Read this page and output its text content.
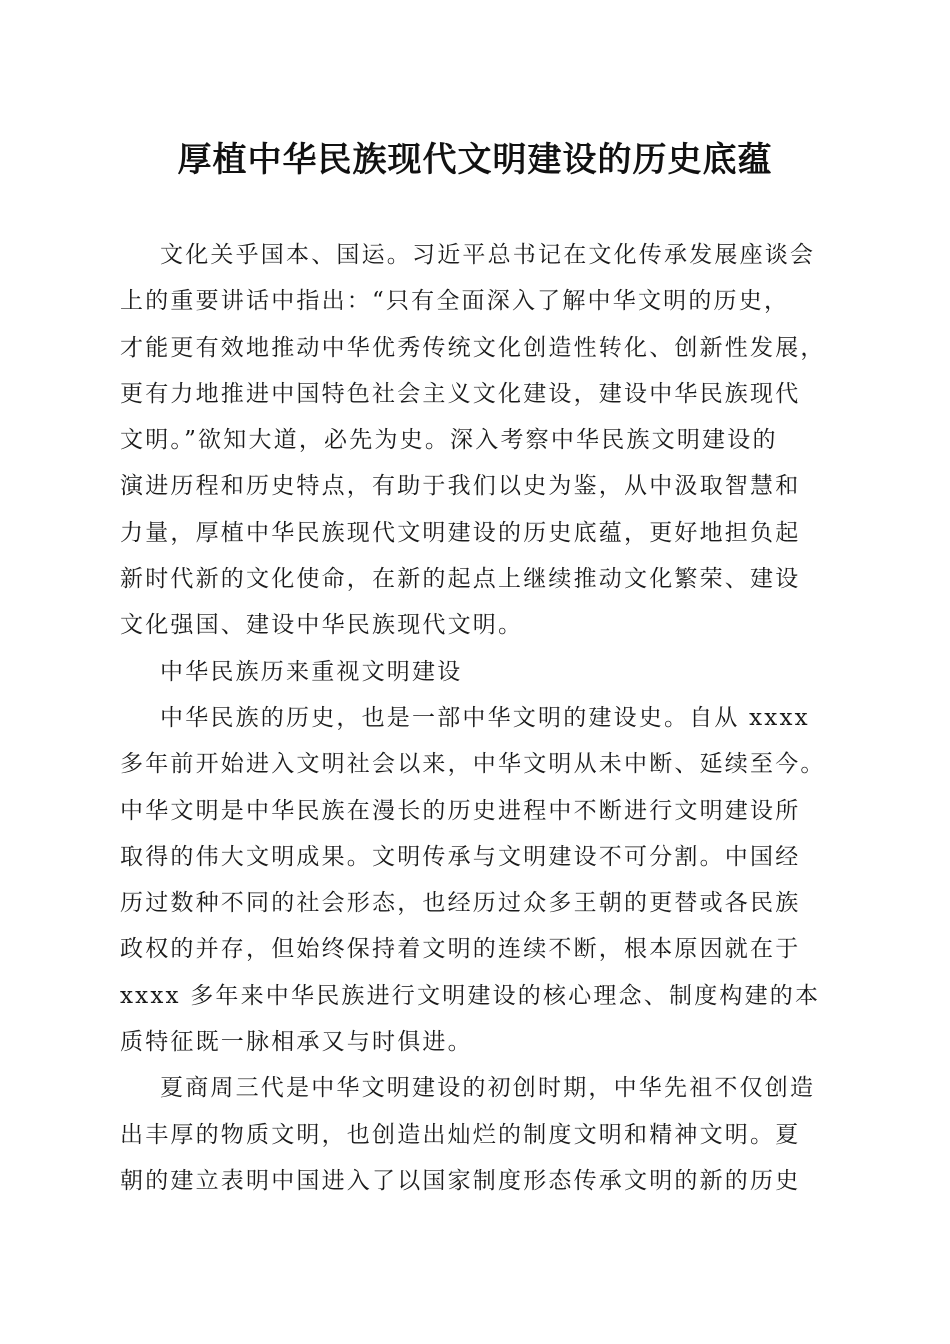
厚植中华民族现代文明建设的历史底蕴
文化关乎国本、国运。习近平总书记在文化传承发展座谈会
上的重要讲话中指出：“只有全面深入了解中华文明的历史，
才能更有效地推动中华优秀传统文化创造性转化、创新性发展，
更有力地推进中国特色社会主义文化建设，建设中华民族现代
文明。”欲知大道，必先为史。深入考察中华民族文明建设的
演进历程和历史特点，有助于我们以史为鉴，从中汲取智慧和
力量，厚植中华民族现代文明建设的历史底蕴，更好地担负起
新时代新的文化使命，在新的起点上继续推动文化繁荣、建设
文化强国、建设中华民族现代文明。
中华民族历来重视文明建设
中华民族的历史，也是一部中华文明的建设史。自从 xxxx
多年前开始进入文明社会以来，中华文明从未中断、延续至今。
中华文明是中华民族在漫长的历史进程中不断进行文明建设所
取得的伟大文明成果。文明传承与文明建设不可分割。中国经
历过数种不同的社会形态，也经历过众多王朝的更替或各民族
政权的并存，但始终保持着文明的连续不断，根本原因就在于
xxxx 多年来中华民族进行文明建设的核心理念、制度构建的本
质特征既一脉相承又与时俱进。
夏商周三代是中华文明建设的初创时期，中华先祖不仅创造
出丰厚的物质文明，也创造出灿烂的制度文明和精神文明。夏
朝的建立表明中国进入了以国家制度形态传承文明的新的历史
